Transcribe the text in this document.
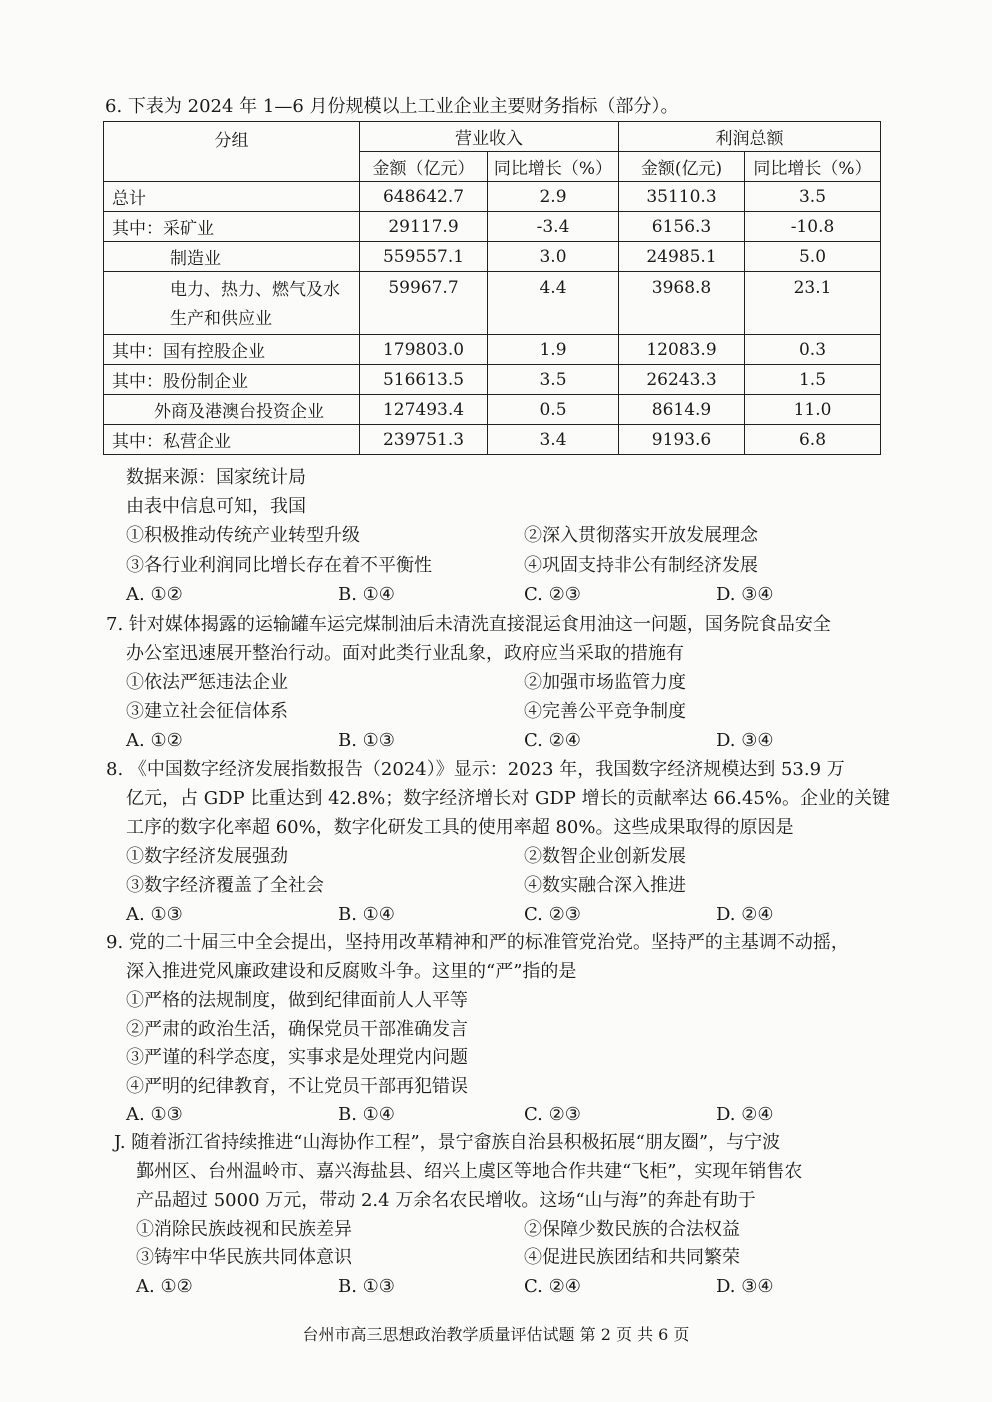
6. 下表为 2024 年 1—6 月份规模以上工业企业主要财务指标（部分）。
分组	营业收入		利润总额	
	金额（亿元）	同比增长（%）	金额(亿元)	同比增长（%）
总计	648642.7	2.9	35110.3	3.5
其中：采矿业	29117.9	-3.4	6156.3	-10.8
制造业	559557.1	3.0	24985.1	5.0
电力、热力、燃气及水生产和供应业	59967.7	4.4	3968.8	23.1
其中：国有控股企业	179803.0	1.9	12083.9	0.3
其中：股份制企业	516613.5	3.5	26243.3	1.5
外商及港澳台投资企业	127493.4	0.5	8614.9	11.0
其中：私营企业	239751.3	3.4	9193.6	6.8
数据来源：国家统计局
由表中信息可知，我国
①积极推动传统产业转型升级	②深入贯彻落实开放发展理念
③各行业利润同比增长存在着不平衡性	④巩固支持非公有制经济发展
A. ①②	B. ①④	C. ②③	D. ③④
7. 针对媒体揭露的运输罐车运完煤制油后未清洗直接混运食用油这一问题，国务院食品安全
办公室迅速展开整治行动。面对此类行业乱象，政府应当采取的措施有
①依法严惩违法企业	②加强市场监管力度
③建立社会征信体系	④完善公平竞争制度
A. ①②	B. ①③	C. ②④	D. ③④
8. 《中国数字经济发展指数报告（2024）》显示：2023 年，我国数字经济规模达到 53.9 万
亿元，占 GDP 比重达到 42.8%；数字经济增长对 GDP 增长的贡献率达 66.45%。企业的关键
工序的数字化率超 60%，数字化研发工具的使用率超 80%。这些成果取得的原因是
①数字经济发展强劲	②数智企业创新发展
③数字经济覆盖了全社会	④数实融合深入推进
A. ①③	B. ①④	C. ②③	D. ②④
9. 党的二十届三中全会提出，坚持用改革精神和严的标准管党治党。坚持严的主基调不动摇，
深入推进党风廉政建设和反腐败斗争。这里的“严”指的是
①严格的法规制度，做到纪律面前人人平等
②严肃的政治生活，确保党员干部准确发言
③严谨的科学态度，实事求是处理党内问题
④严明的纪律教育，不让党员干部再犯错误
A. ①③	B. ①④	C. ②③	D. ②④
J. 随着浙江省持续推进“山海协作工程”，景宁畲族自治县积极拓展“朋友圈”，与宁波
鄞州区、台州温岭市、嘉兴海盐县、绍兴上虞区等地合作共建“飞柜”，实现年销售农
产品超过 5000 万元，带动 2.4 万余名农民增收。这场“山与海”的奔赴有助于
①消除民族歧视和民族差异	②保障少数民族的合法权益
③铸牢中华民族共同体意识	④促进民族团结和共同繁荣
A. ①②	B. ①③	C. ②④	D. ③④
台州市高三思想政治教学质量评估试题 第 2 页 共 6 页
